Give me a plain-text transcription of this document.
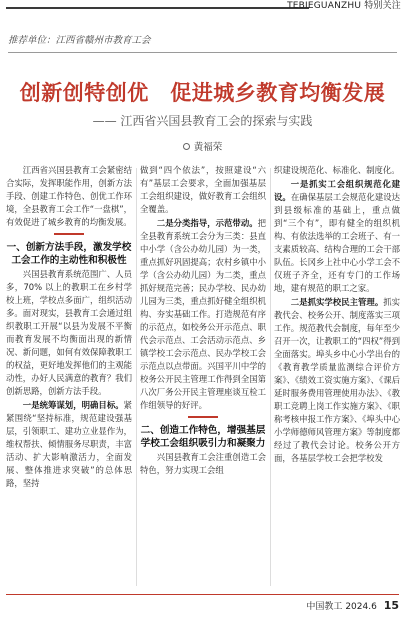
TEBIEGUANZHU 特别关注
推荐单位：江西省赣州市教育工会
创新创特创优　促进城乡教育均衡发展
—— 江西省兴国县教育工会的探索与实践
黄福荣

江西省兴国县教育工会紧密结合实际，发挥职能作用，创新方法手段、创建工作特色、创优工作环境，全县教育工会工作“一盘棋”，有效促进了城乡教育的均衡发展。

一、创新方法手段，激发学校工会工作的主动性和积极性

兴国县教育系统范围广、人员多，70% 以上的教职工在乡村学校上班，学校点多面广，组织活动多。面对现实，县教育工会通过组织教职工开展“以县为发展不平衡而教育发展不均衡面出现的新情况、新问题，如何有效保障教职工的权益，更好地发挥他们的主观能动性，办好人民满意的教育？我们创新思路，创新方法手段。

一是统筹谋划，明确目标。紧紧围绕“坚持标准，规范建设强基层，引领职工、建功立业显作为，维权帮扶、倾情服务尽职责，丰富活动、扩大影响激活力，全面发展、整体推进求突破”的总体思路，坚持

做到“四个依法”，按照建设“六有”基层工会要求，全面加强基层工会组织建设，做好教育工会组织全覆盖。

二是分类指导，示范带动。把全县教育系统工会分为三类：县直中小学（含公办幼儿园）为一类，重点抓好巩固提高；农村乡镇中小学（含公办幼儿园）为二类，重点抓好规范完善；民办学校、民办幼儿园为三类，重点抓好健全组织机构、夯实基础工作。打造规范有序的示范点，如校务公开示范点、职代会示范点、工会活动示范点、乡镇学校工会示范点、民办学校工会示范点以点带面。兴国平川中学的校务公开民主管理工作得到全国第八次厂务公开民主管理座谈互检工作组领导的好评。

二、创造工作特色，增强基层学校工会组织吸引力和凝聚力

兴国县教育工会注重创造工会特色，努力实现工会组

织建设规范化、标准化、制度化。

一是抓实工会组织规范化建设。在确保基层工会规范化建设达到县级标准的基础上，重点做到“三个有”，即有健全的组织机构、有依法选举的工会班子、有一支素质较高、结构合理的工会干部队伍。长冈乡上社中心小学工会不仅班子齐全，还有专门的工作场地，建有规范的职工之家。

二是抓实学校民主管理。抓实教代会、校务公开、制度落实三项工作。规范教代会制度，每年至少召开一次，让教职工的“四权”得到全面落实。埠头乡中心小学出台的《教育教学质量监测综合评价方案》、《绩效工资实施方案》、《课后延时服务费用管理使用办法》、《教职工竞聘上岗工作实施方案》、《职称考核申报工作方案》、《埠头中心小学师德师风管理方案》等制度都经过了教代会讨论。校务公开方面，各基层学校工会把学校发

中国教工 2024.6 15
